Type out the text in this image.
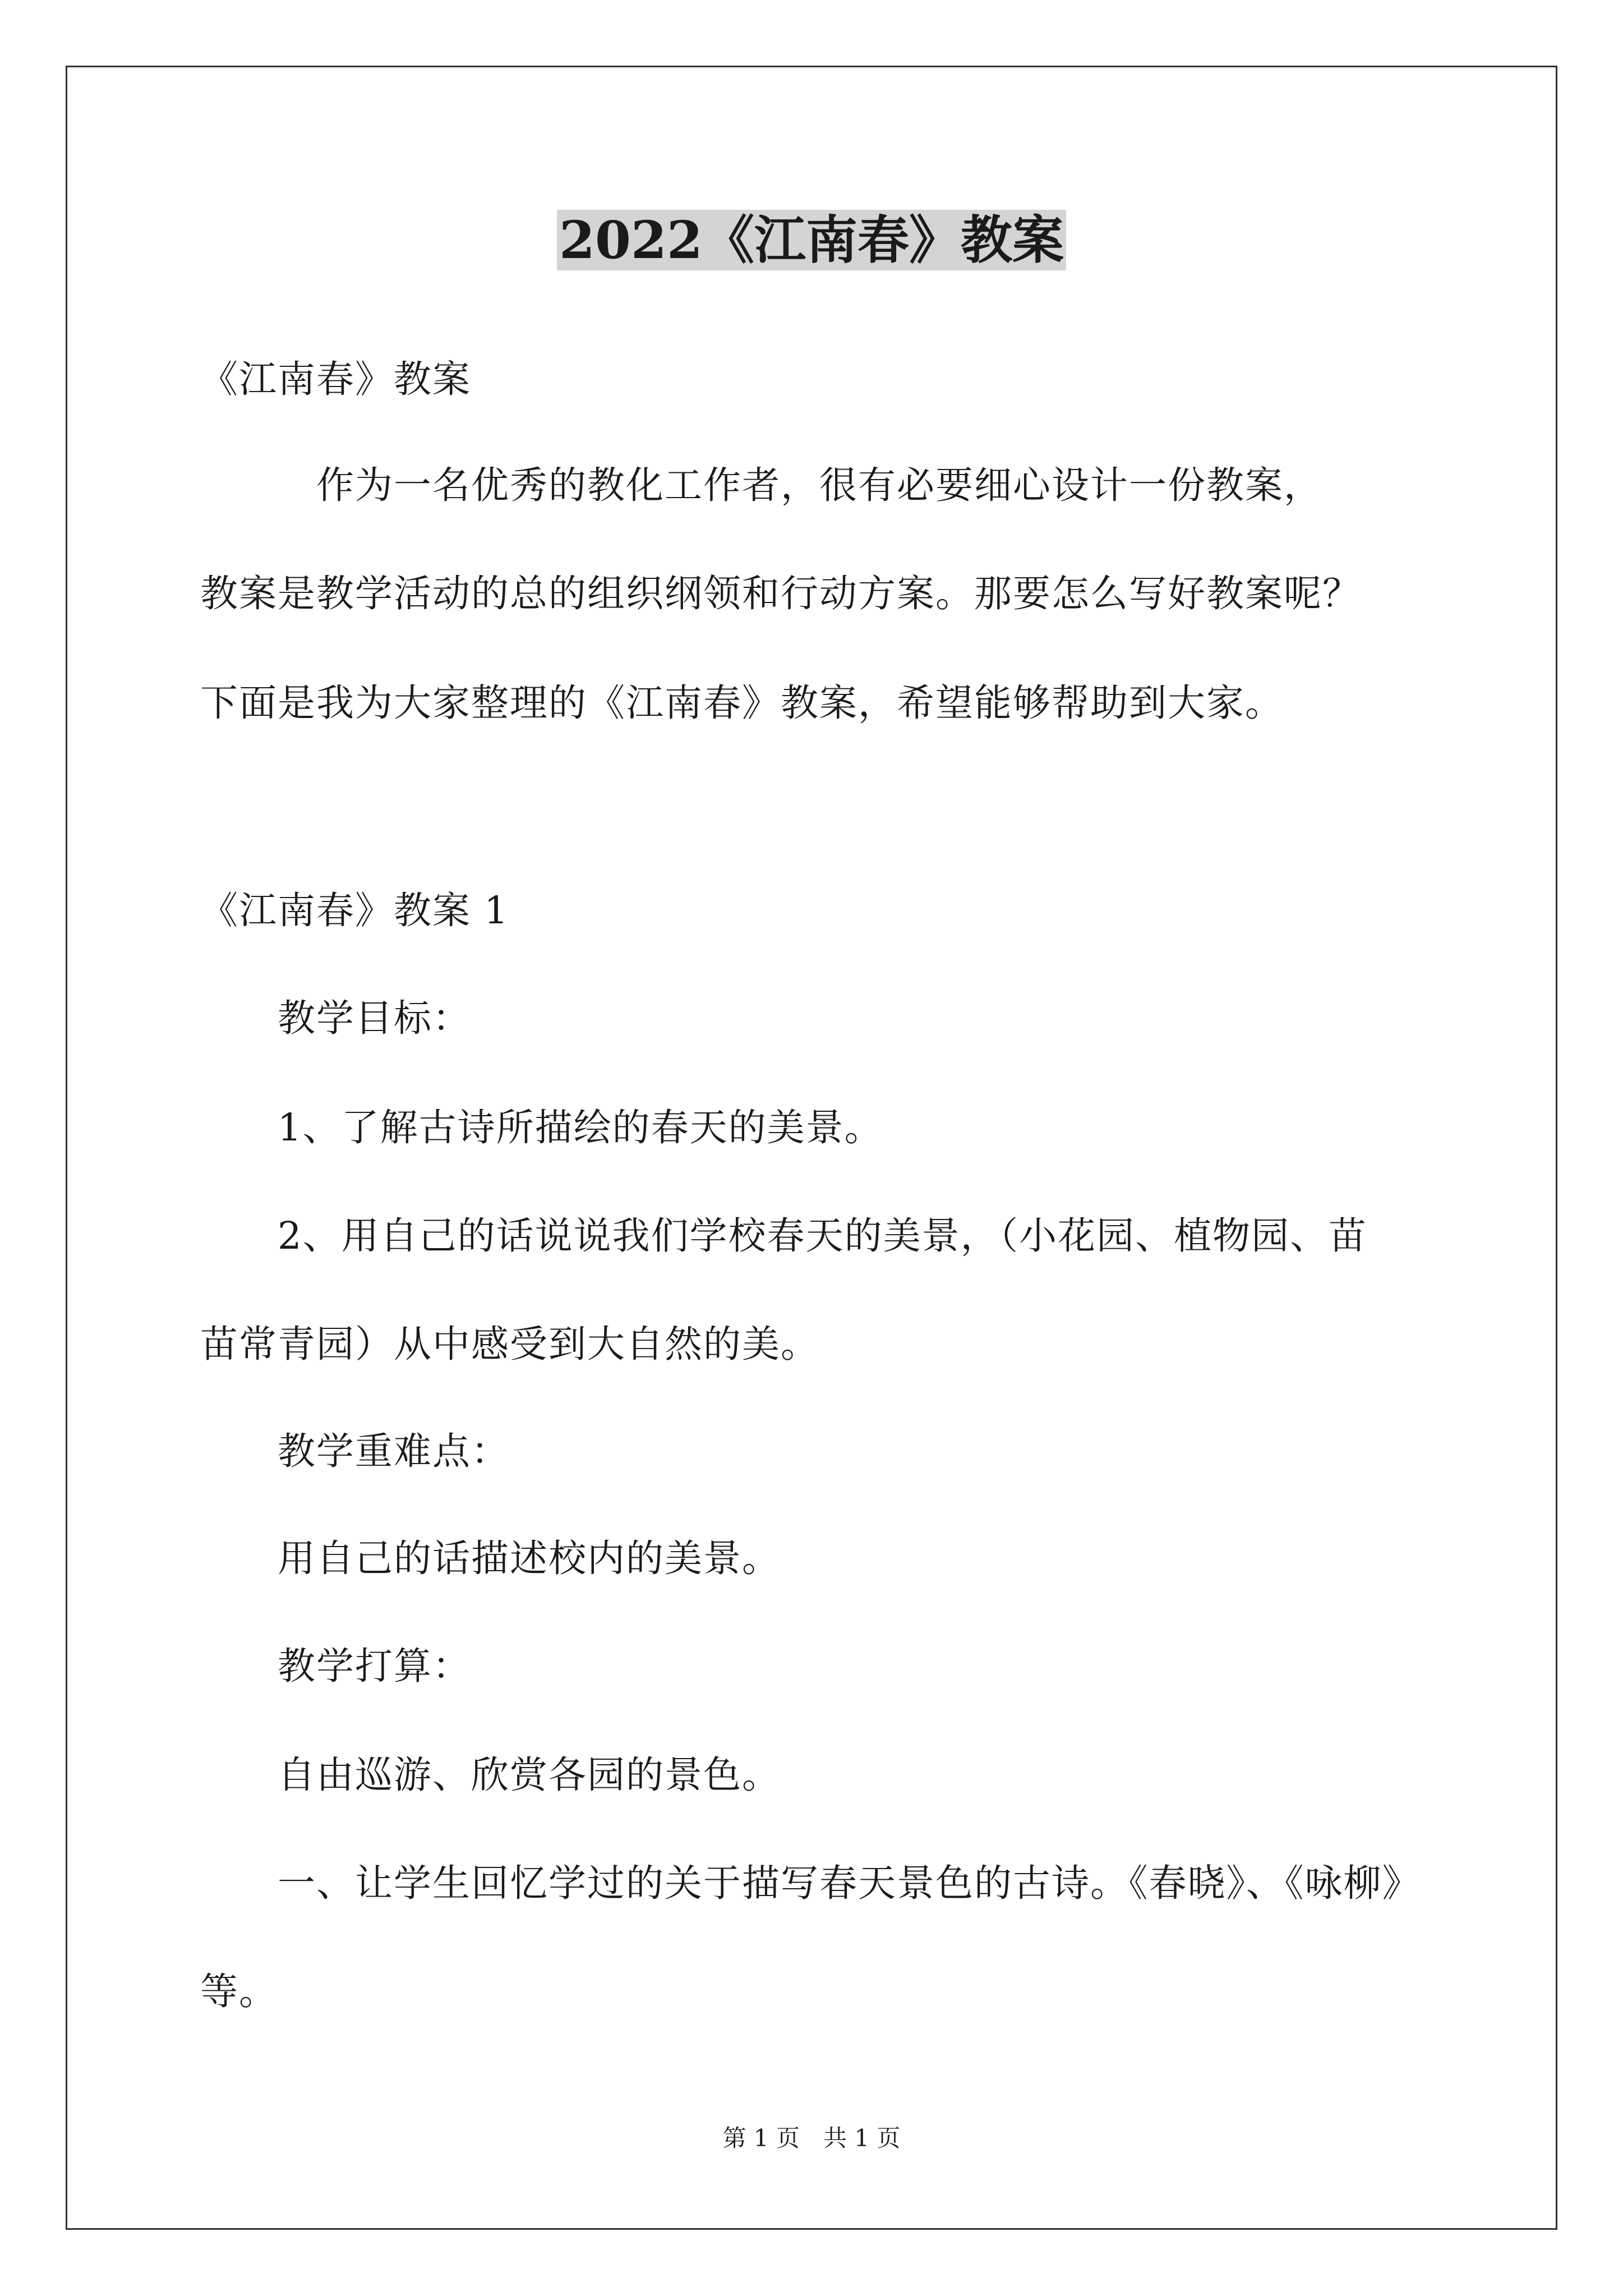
2022《江南春》教案
《江南春》教案
　　　作为一名优秀的教化工作者，很有必要细心设计一份教案，
教案是教学活动的总的组织纲领和行动方案。那要怎么写好教案呢？
下面是我为大家整理的《江南春》教案，希望能够帮助到大家。
《江南春》教案 1
　　教学目标：
　　1、了解古诗所描绘的春天的美景。
　　2、用自己的话说说我们学校春天的美景，（小花园、植物园、苗
苗常青园）从中感受到大自然的美。
　　教学重难点：
　　用自己的话描述校内的美景。
　　教学打算：
　　自由巡游、欣赏各园的景色。
　　一、让学生回忆学过的关于描写春天景色的古诗。《春晓》、《咏柳》
等。
第 1 页　共 1 页
